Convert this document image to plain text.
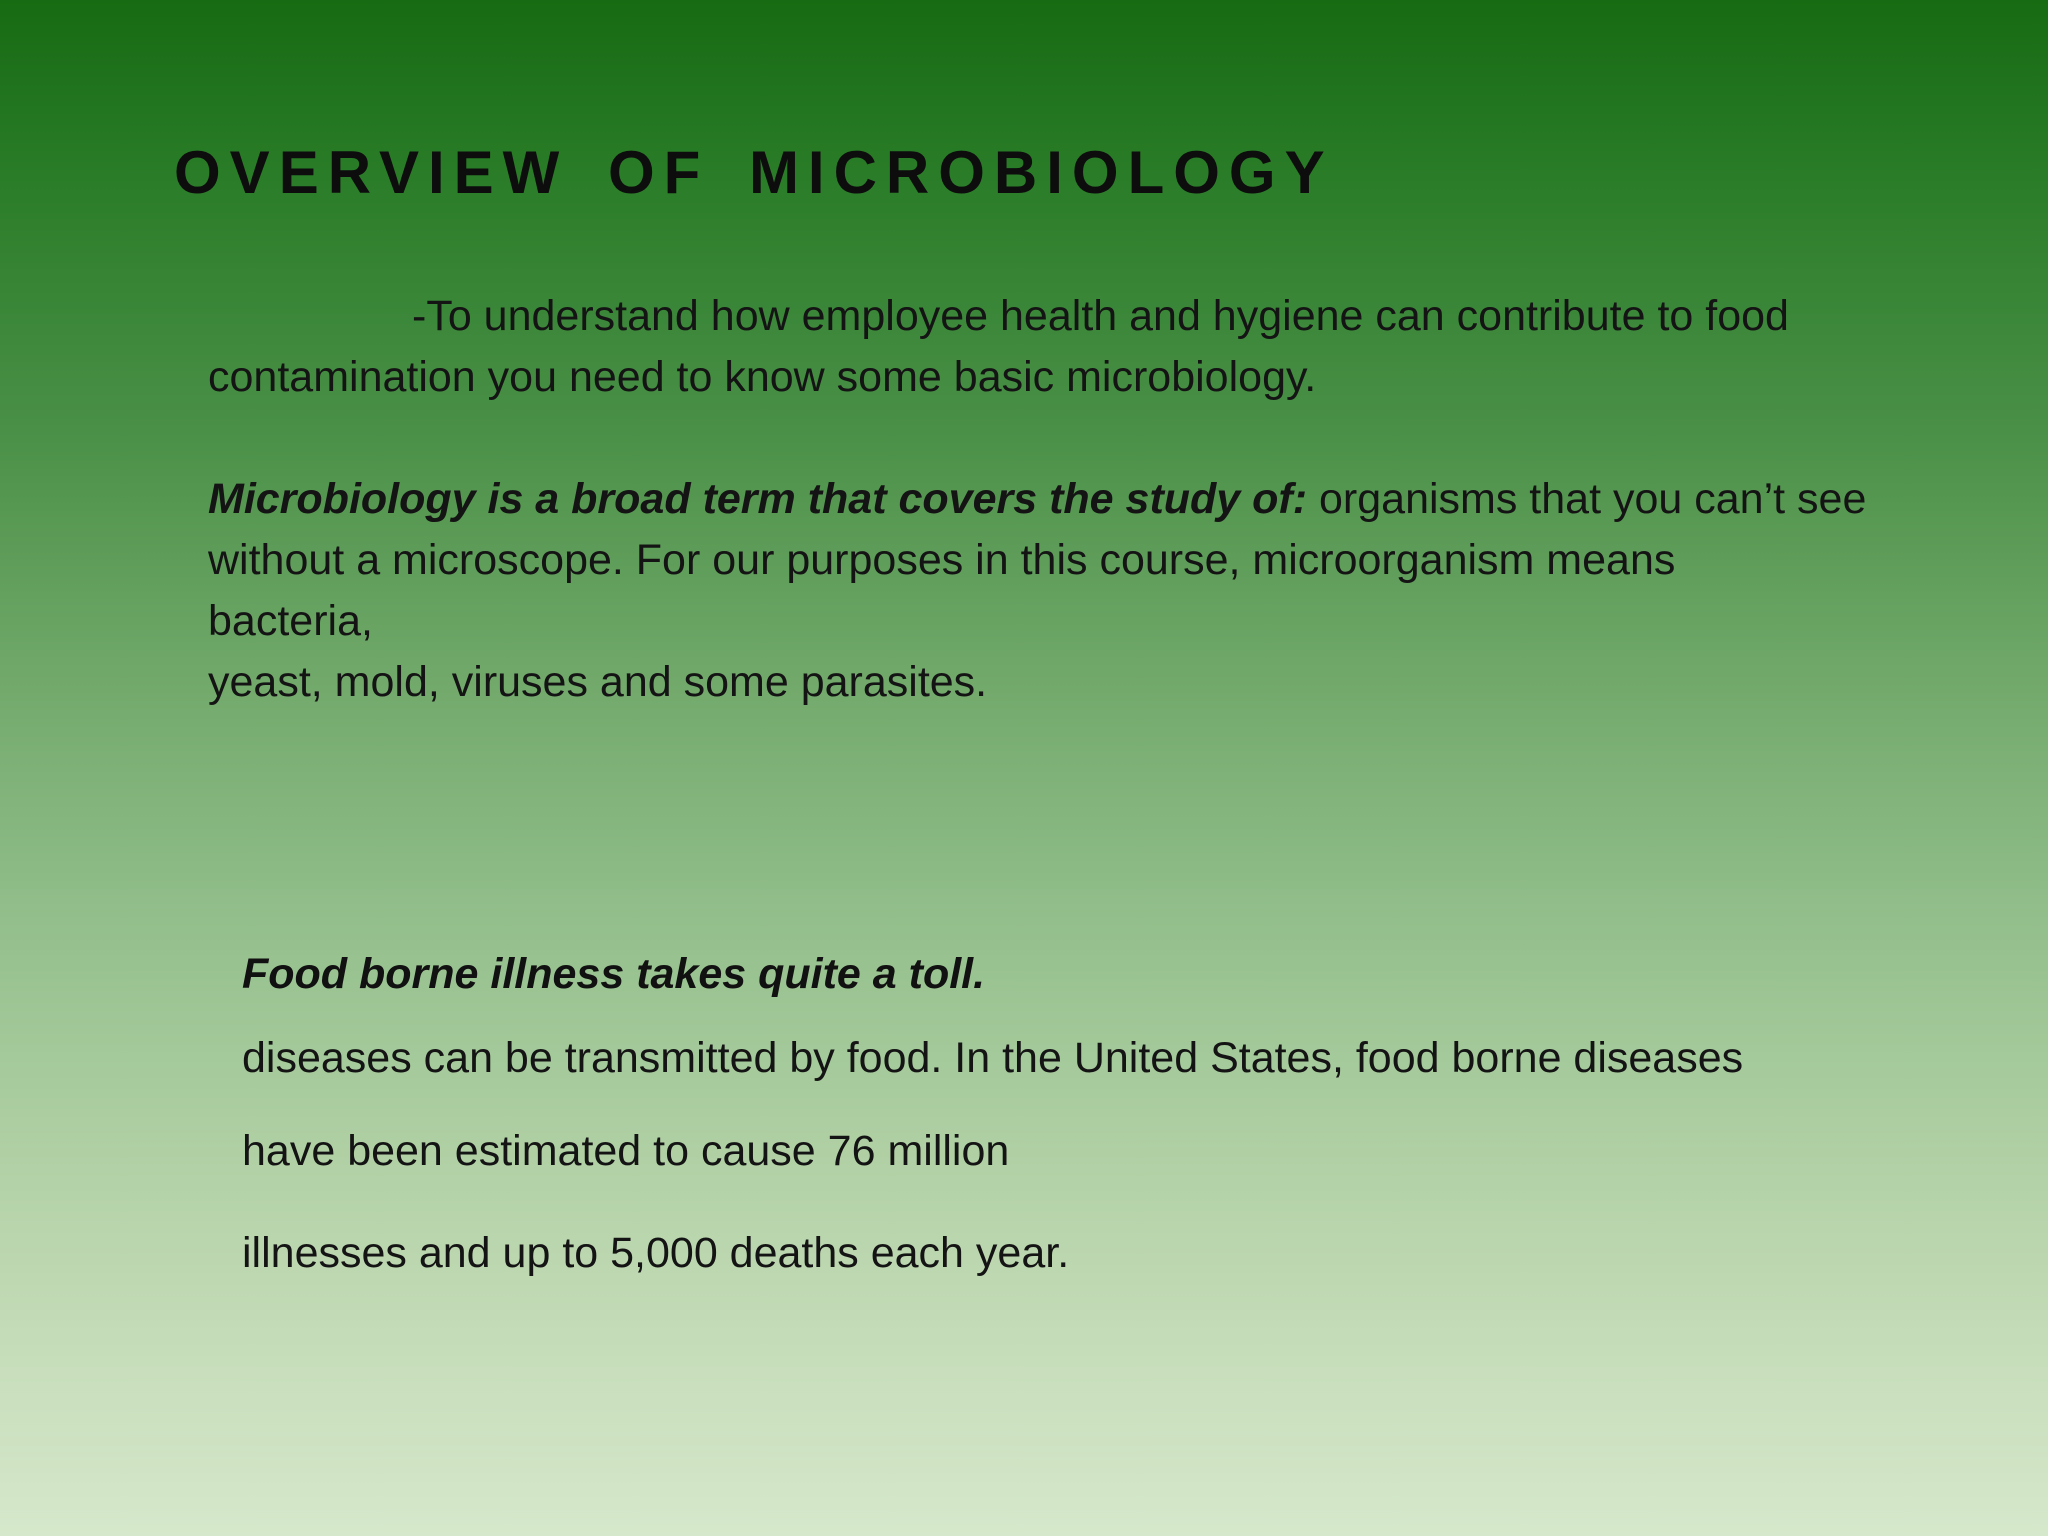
OVERVIEW OF MICROBIOLOGY

-To understand how employee health and hygiene can contribute to food
contamination you need to know some basic microbiology.

Microbiology is a broad term that covers the study of: organisms that you can’t see
without a microscope. For our purposes in this course, microorganism means
bacteria,
yeast, mold, viruses and some parasites.

Food borne illness takes quite a toll.

diseases can be transmitted by food. In the United States, food borne diseases

have been estimated to cause 76 million

illnesses and up to 5,000 deaths each year.
